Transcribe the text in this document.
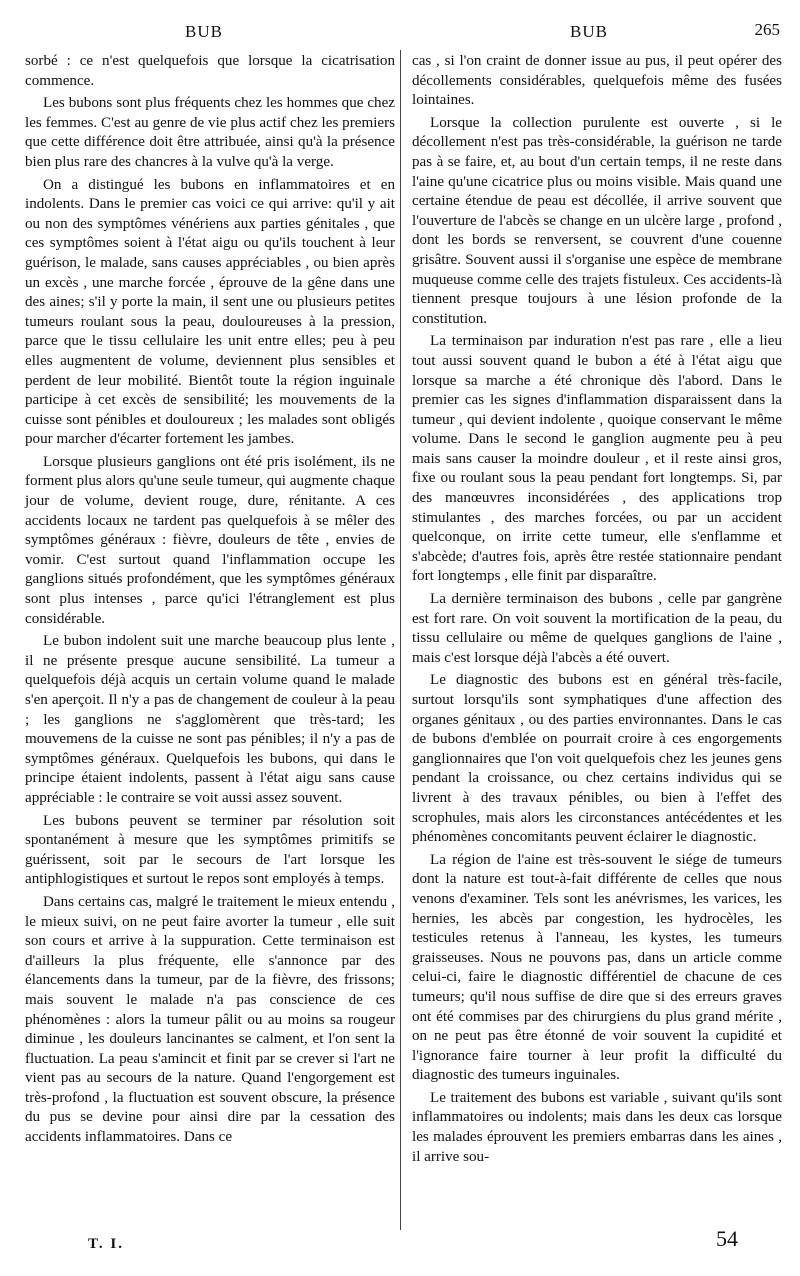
BUB	BUB	265

sorbé : ce n'est quelquefois que lorsque la cicatrisation commence.

Les bubons sont plus fréquents chez les hommes que chez les femmes. C'est au genre de vie plus actif chez les premiers que cette différence doit être attribuée, ainsi qu'à la présence bien plus rare des chancres à la vulve qu'à la verge.

On a distingué les bubons en inflammatoires et en indolents. Dans le premier cas voici ce qui arrive: qu'il y ait ou non des symptômes vénériens aux parties génitales , que ces symptômes soient à l'état aigu ou qu'ils touchent à leur guérison, le malade, sans causes appréciables , ou bien après un excès , une marche forcée , éprouve de la gêne dans une des aines; s'il y porte la main, il sent une ou plusieurs petites tumeurs roulant sous la peau, douloureuses à la pression, parce que le tissu cellulaire les unit entre elles; peu à peu elles augmentent de volume, deviennent plus sensibles et perdent de leur mobilité. Bientôt toute la région inguinale participe à cet excès de sensibilité; les mouvements de la cuisse sont pénibles et douloureux ; les malades sont obligés pour marcher d'écarter fortement les jambes.

Lorsque plusieurs ganglions ont été pris isolément, ils ne forment plus alors qu'une seule tumeur, qui augmente chaque jour de volume, devient rouge, dure, rénitante. A ces accidents locaux ne tardent pas quelquefois à se mêler des symptômes généraux : fièvre, douleurs de tête , envies de vomir. C'est surtout quand l'inflammation occupe les ganglions situés profondément, que les symptômes généraux sont plus intenses , parce qu'ici l'étranglement est plus considérable.

Le bubon indolent suit une marche beaucoup plus lente , il ne présente presque aucune sensibilité. La tumeur a quelquefois déjà acquis un certain volume quand le malade s'en aperçoit. Il n'y a pas de changement de couleur à la peau ; les ganglions ne s'agglomèrent que très-tard; les mouvemens de la cuisse ne sont pas pénibles; il n'y a pas de symptômes généraux. Quelquefois les bubons, qui dans le principe étaient indolents, passent à l'état aigu sans cause appréciable : le contraire se voit aussi assez souvent.

Les bubons peuvent se terminer par résolution soit spontanément à mesure que les symptômes primitifs se guérissent, soit par le secours de l'art lorsque les antiphlogistiques et surtout le repos sont employés à temps.

Dans certains cas, malgré le traitement le mieux entendu , le mieux suivi, on ne peut faire avorter la tumeur , elle suit son cours et arrive à la suppuration. Cette terminaison est d'ailleurs la plus fréquente, elle s'annonce par des élancements dans la tumeur, par de la fièvre, des frissons; mais souvent le malade n'a pas conscience de ces phénomènes : alors la tumeur pâlit ou au moins sa rougeur diminue , les douleurs lancinantes se calment, et l'on sent la fluctuation. La peau s'amincit et finit par se crever si l'art ne vient pas au secours de la nature. Quand l'engorgement est très-profond , la fluctuation est souvent obscure, la présence du pus se devine pour ainsi dire par la cessation des accidents inflammatoires. Dans ce

cas , si l'on craint de donner issue au pus, il peut opérer des décollements considérables, quelquefois même des fusées lointaines.

Lorsque la collection purulente est ouverte , si le décollement n'est pas très-considérable, la guérison ne tarde pas à se faire, et, au bout d'un certain temps, il ne reste dans l'aine qu'une cicatrice plus ou moins visible. Mais quand une certaine étendue de peau est décollée, il arrive souvent que l'ouverture de l'abcès se change en un ulcère large , profond , dont les bords se renversent, se couvrent d'une couenne grisâtre. Souvent aussi il s'organise une espèce de membrane muqueuse comme celle des trajets fistuleux. Ces accidents-là tiennent presque toujours à une lésion profonde de la constitution.

La terminaison par induration n'est pas rare , elle a lieu tout aussi souvent quand le bubon a été à l'état aigu que lorsque sa marche a été chronique dès l'abord. Dans le premier cas les signes d'inflammation disparaissent dans la tumeur , qui devient indolente , quoique conservant le même volume. Dans le second le ganglion augmente peu à peu mais sans causer la moindre douleur , et il reste ainsi gros, fixe ou roulant sous la peau pendant fort longtemps. Si, par des manœuvres inconsidérées , des applications trop stimulantes , des marches forcées, ou par un accident quelconque, on irrite cette tumeur, elle s'enflamme et s'abcède; d'autres fois, après être restée stationnaire pendant fort longtemps , elle finit par disparaître.

La dernière terminaison des bubons , celle par gangrène est fort rare. On voit souvent la mortification de la peau, du tissu cellulaire ou même de quelques ganglions de l'aine , mais c'est lorsque déjà l'abcès a été ouvert.

Le diagnostic des bubons est en général très-facile, surtout lorsqu'ils sont symphatiques d'une affection des organes génitaux , ou des parties environnantes. Dans le cas de bubons d'emblée on pourrait croire à ces engorgements ganglionnaires que l'on voit quelquefois chez les jeunes gens pendant la croissance, ou chez certains individus qui se livrent à des travaux pénibles, ou bien à l'effet des scrophules, mais alors les circonstances antécédentes et les phénomènes concomitants peuvent éclairer le diagnostic.

La région de l'aine est très-souvent le siége de tumeurs dont la nature est tout-à-fait différente de celles que nous venons d'examiner. Tels sont les anévrismes, les varices, les hernies, les abcès par congestion, les hydrocèles, les testicules retenus à l'anneau, les kystes, les tumeurs graisseuses. Nous ne pouvons pas, dans un article comme celui-ci, faire le diagnostic différentiel de chacune de ces tumeurs; qu'il nous suffise de dire que si des erreurs graves ont été commises par des chirurgiens du plus grand mérite , on ne peut pas être étonné de voir souvent la cupidité et l'ignorance faire tourner à leur profit la difficulté du diagnostic des tumeurs inguinales.

Le traitement des bubons est variable , suivant qu'ils sont inflammatoires ou indolents; mais dans les deux cas lorsque les malades éprouvent les premiers embarras dans les aines , il arrive sou-

T. I.	54
